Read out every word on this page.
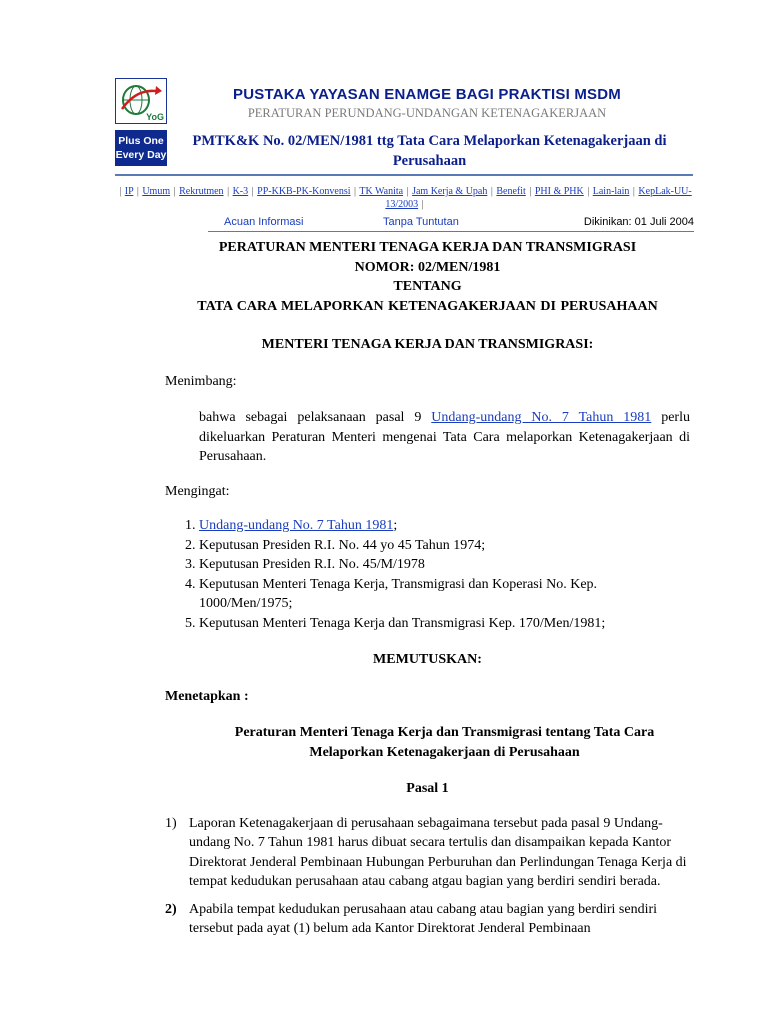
YoG
Plus One
Every Day
PUSTAKA YAYASAN ENAMGE BAGI PRAKTISI MSDM
PERATURAN PERUNDANG-UNDANGAN KETENAGAKERJAAN
PMTK&K No. 02/MEN/1981 ttg Tata Cara Melaporkan Ketenagakerjaan di Perusahaan
| IP | Umum | Rekrutmen | K-3 | PP-KKB-PK-Konvensi | TK Wanita | Jam Kerja & Upah | Benefit | PHI & PHK | Lain-lain | KepLak-UU-13/2003 |
Acuan Informasi	Tanpa Tuntutan	Dikinikan: 01 Juli 2004
PERATURAN MENTERI TENAGA KERJA DAN TRANSMIGRASI
NOMOR: 02/MEN/1981
TENTANG
TATA CARA MELAPORKAN KETENAGAKERJAAN DI PERUSAHAAN
MENTERI TENAGA KERJA DAN TRANSMIGRASI:

Menimbang:

bahwa sebagai pelaksanaan pasal 9 Undang-undang No. 7 Tahun 1981 perlu dikeluarkan Peraturan Menteri mengenai Tata Cara melaporkan Ketenagakerjaan di Perusahaan.

Mengingat:

1. Undang-undang No. 7 Tahun 1981;
2. Keputusan Presiden R.I. No. 44 yo 45 Tahun 1974;
3. Keputusan Presiden R.I. No. 45/M/1978
4. Keputusan Menteri Tenaga Kerja, Transmigrasi dan Koperasi No. Kep. 1000/Men/1975;
5. Keputusan Menteri Tenaga Kerja dan Transmigrasi Kep. 170/Men/1981;
MEMUTUSKAN:

Menetapkan :

Peraturan Menteri Tenaga Kerja dan Transmigrasi tentang Tata Cara Melaporkan Ketenagakerjaan di Perusahaan
Pasal 1
1) Laporan Ketenagakerjaan di perusahaan sebagaimana tersebut pada pasal 9 Undang-undang No. 7 Tahun 1981 harus dibuat secara tertulis dan disampaikan kepada Kantor Direktorat Jenderal Pembinaan Hubungan Perburuhan dan Perlindungan Tenaga Kerja di tempat kedudukan perusahaan atau cabang atgau bagian yang berdiri sendiri berada.
2) Apabila tempat kedudukan perusahaan atau cabang atau bagian yang berdiri sendiri tersebut pada ayat (1) belum ada Kantor Direktorat Jenderal Pembinaan
